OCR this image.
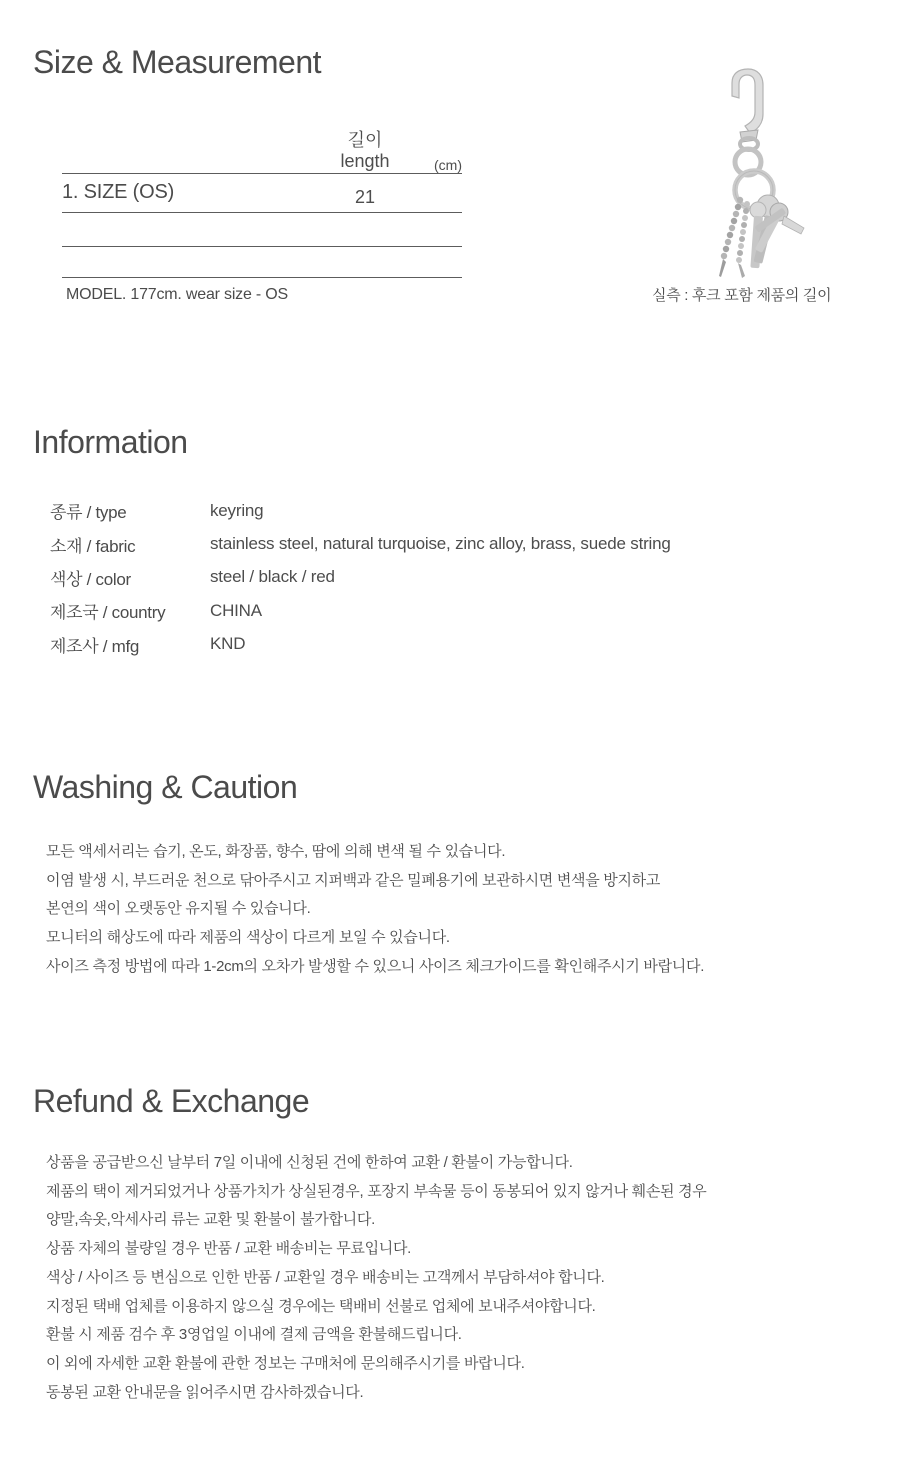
Size & Measurement
길이
length	(cm)
1. SIZE (OS)	21
MODEL. 177cm. wear size - OS	실측 : 후크 포함 제품의 길이
Information
종류 / type	keyring
소재 / fabric	stainless steel, natural turquoise, zinc alloy, brass, suede string
색상 / color	steel / black / red
제조국 / country	CHINA
제조사 / mfg	KND
Washing & Caution
모든 액세서리는 습기, 온도, 화장품, 향수, 땀에 의해 변색 될 수 있습니다.
이염 발생 시, 부드러운 천으로 닦아주시고 지퍼백과 같은 밀폐용기에 보관하시면 변색을 방지하고
본연의 색이 오랫동안 유지될 수 있습니다.
모니터의 해상도에 따라 제품의 색상이 다르게 보일 수 있습니다.
사이즈 측정 방법에 따라 1-2cm의 오차가 발생할 수 있으니 사이즈 체크가이드를 확인해주시기 바랍니다.
Refund & Exchange
상품을 공급받으신 날부터 7일 이내에 신청된 건에 한하여 교환 / 환불이 가능합니다.
제품의 택이 제거되었거나 상품가치가 상실된경우, 포장지 부속물 등이 동봉되어 있지 않거나 훼손된 경우
양말,속옷,악세사리 류는 교환 및 환불이 불가합니다.
상품 자체의 불량일 경우 반품 / 교환 배송비는 무료입니다.
색상 / 사이즈 등 변심으로 인한 반품 / 교환일 경우 배송비는 고객께서 부담하셔야 합니다.
지정된 택배 업체를 이용하지 않으실 경우에는 택배비 선불로 업체에 보내주셔야합니다.
환불 시 제품 검수 후 3영업일 이내에 결제 금액을 환불해드립니다.
이 외에 자세한 교환 환불에 관한 정보는 구매처에 문의해주시기를 바랍니다.
동봉된 교환 안내문을 읽어주시면 감사하겠습니다.
